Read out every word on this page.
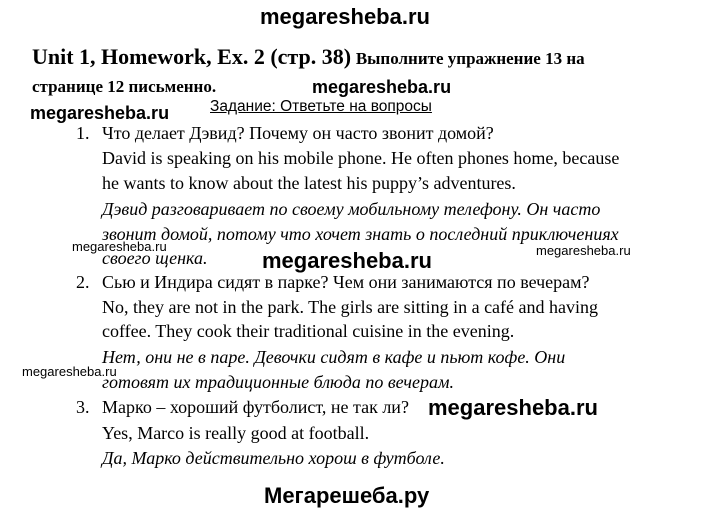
megaresheba.ru
megaresheba.ru
megaresheba.ru
megaresheba.ru
megaresheba.ru	megaresheba.ru
megaresheba.ru
megaresheba.ru
Мегарешеба.ру
Unit 1, Homework, Ex. 2 (стр. 38) Выполните упражнение 13 на
странице 12 письменно.
Задание: Ответьте на вопросы
1. Что делает Дэвид? Почему он часто звонит домой?
David is speaking on his mobile phone. He often phones home, because
he wants to know about the latest his puppy’s adventures.
Дэвид разговаривает по своему мобильному телефону. Он часто
звонит домой, потому что хочет знать о последний приключениях
своего щенка.
2. Сью и Индира сидят в парке? Чем они занимаются по вечерам?
No, they are not in the park. The girls are sitting in a café and having
coffee. They cook their traditional cuisine in the evening.
Нет, они не в паре. Девочки сидят в кафе и пьют кофе. Они
готовят их традиционные блюда по вечерам.
3. Марко – хороший футболист, не так ли?
Yes, Marco is really good at football.
Да, Марко действительно хорош в футболе.
